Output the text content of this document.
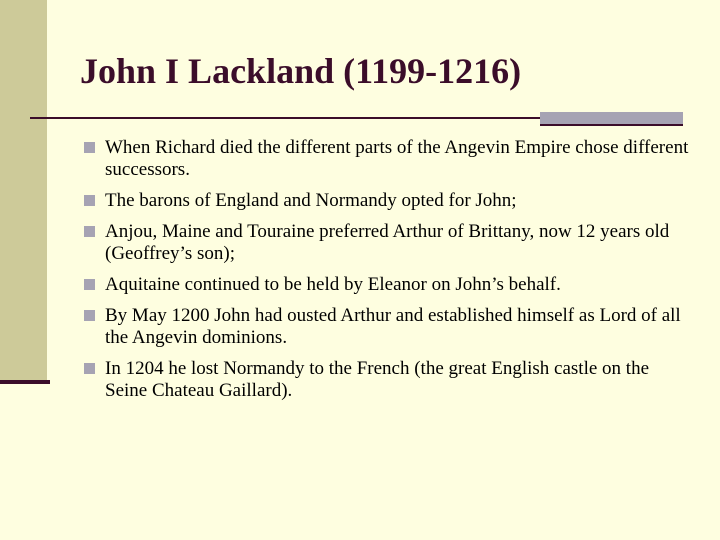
John I Lackland (1199-1216)
When Richard died the different parts of the Angevin Empire chose different successors.
The barons of England and Normandy opted for John;
Anjou, Maine and Touraine preferred Arthur of Brittany, now 12 years old (Geoffrey’s son);
Aquitaine continued to be held by Eleanor on John’s behalf.
By May 1200 John had ousted Arthur and established himself as Lord of all the Angevin dominions.
In 1204 he lost Normandy to the French (the great English castle on the Seine Chateau Gaillard).
